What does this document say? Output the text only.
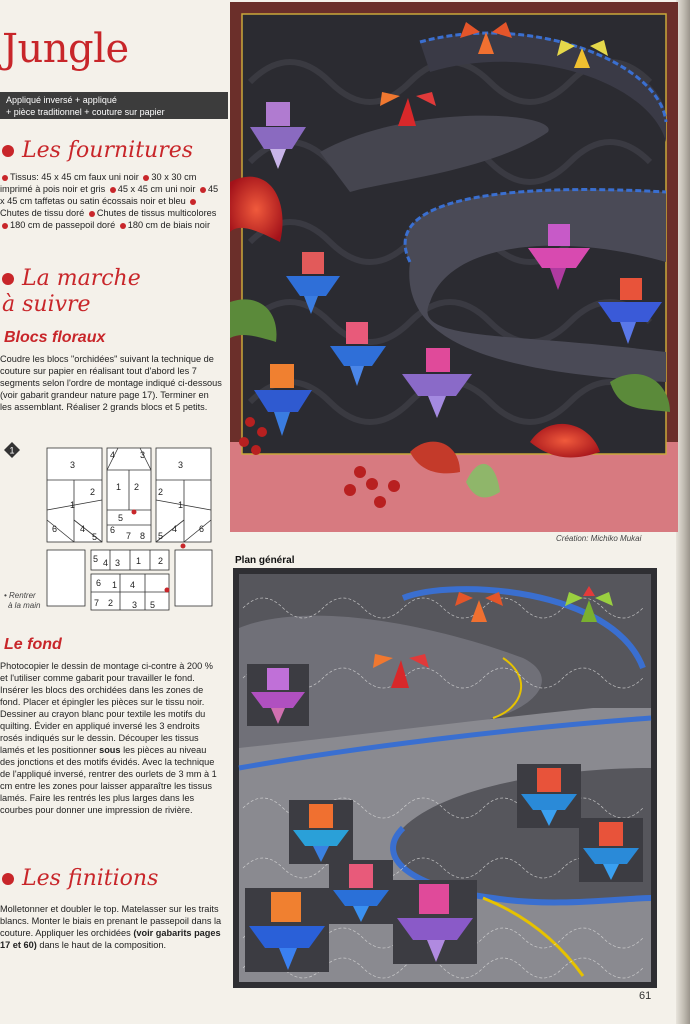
Jungle
Appliqué inversé + appliqué
+ pièce traditionnel + couture sur papier
Les fournitures
Tissus: 45 x 45 cm faux uni noir 30 x 30 cm imprimé à pois noir et gris 45 x 45 cm uni noir 45 x 45 cm taffetas ou satin écossais noir et bleu Chutes de tissu doré Chutes de tissus multicolores 180 cm de passepoil doré 180 cm de biais noir
La marche
à suivre
Blocs floraux
Coudre les blocs "orchidées" suivant la technique de couture sur papier en réalisant tout d'abord les 7 segments selon l'ordre de montage indiqué ci-dessous (voir gabarit grandeur nature page 17). Terminer en les assemblant. Réaliser 2 grands blocs et 5 petits.
1
3
2
1
6	4
5
4	3
1 2
5
6
7 8
3
2
1
5
4 6
5 4 3 1 2
6 1 4
7 2 3 5
• Rentrer
à la main
Le fond
Photocopier le dessin de montage ci-contre à 200 % et l'utiliser comme gabarit pour travailler le fond. Insérer les blocs des orchidées dans les zones de fond. Placer et épingler les pièces sur le tissu noir. Dessiner au crayon blanc pour textile les motifs du quilting. Évider en appliqué inversé les 3 endroits rosés indiqués sur le dessin. Découper les tissus lamés et les positionner sous les pièces au niveau des jonctions et des motifs évidés. Avec la technique de l'appliqué inversé, rentrer des ourlets de 3 mm à 1 cm entre les zones pour laisser apparaître les tissus lamés. Faire les rentrés les plus larges dans les courbes pour donner une impression de rivière.
Les finitions
Molletonner et doubler le top. Matelasser sur les traits blancs. Monter le biais en prenant le passepoil dans la couture. Appliquer les orchidées (voir gabarits pages 17 et 60) dans le haut de la composition.
Création: Michiko Mukai
Plan général
61
